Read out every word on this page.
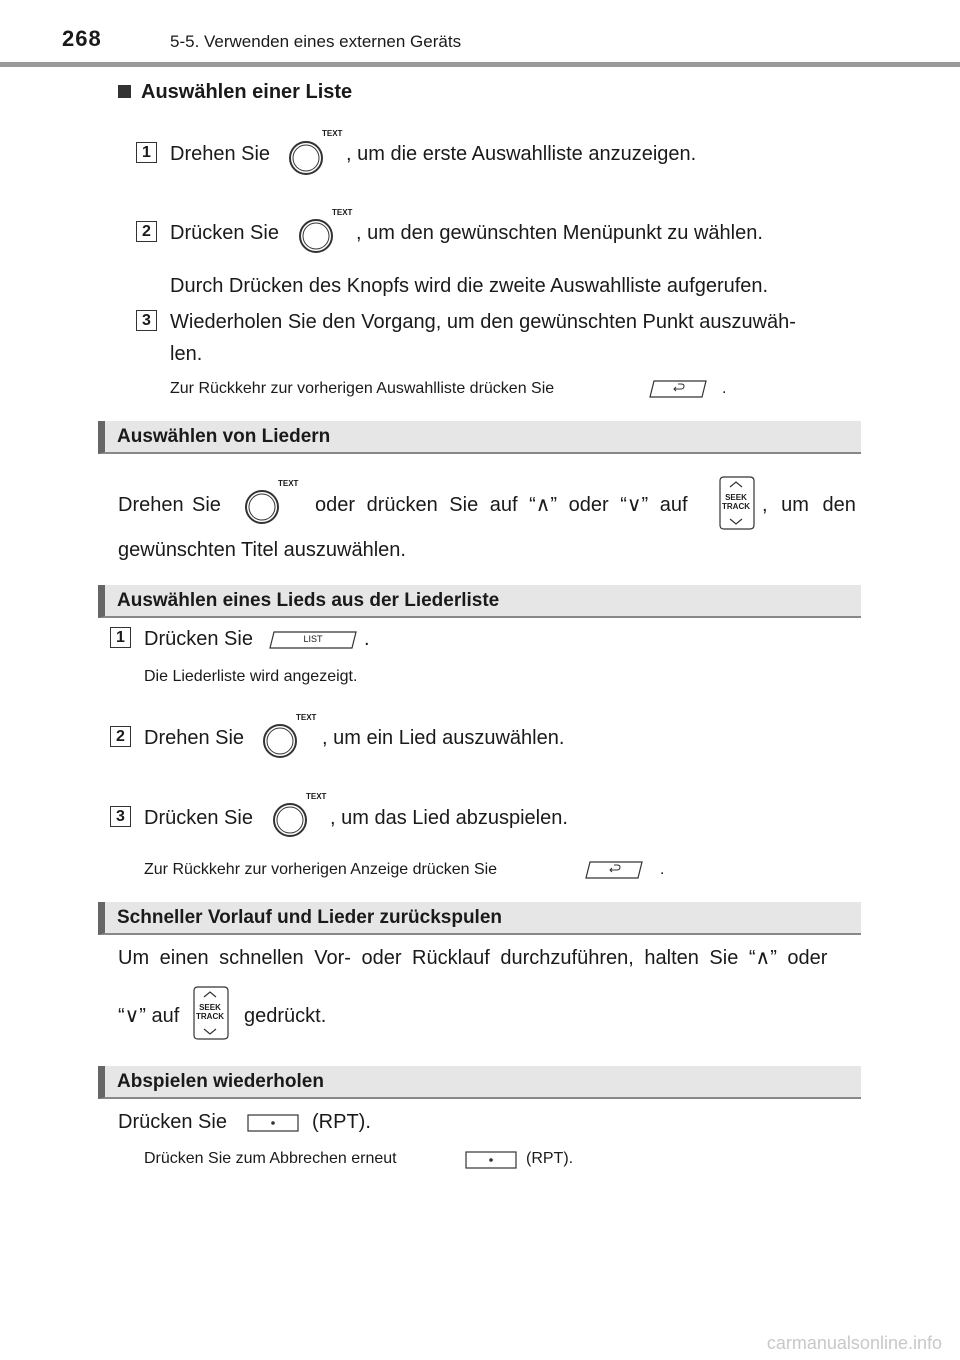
268	5-5. Verwenden eines externen Geräts
Auswählen einer Liste
1 Drehen Sie
TEXT
, um die erste Auswahlliste anzuzeigen.
2 Drücken Sie
TEXT
, um den gewünschten Menüpunkt zu wählen.
Durch Drücken des Knopfs wird die zweite Auswahlliste aufgerufen.
3 Wiederholen Sie den Vorgang, um den gewünschten Punkt auszuwäh-
len.
Zur Rückkehr zur vorherigen Auswahlliste drücken Sie	.
Auswählen von Liedern
Drehen Sie
TEXT
oder drücken Sie auf “∧” oder “∨” auf	SEEK
TRACK , um den
gewünschten Titel auszuwählen.
Auswählen eines Lieds aus der Liederliste
1 Drücken Sie	LIST	.
Die Liederliste wird angezeigt.
2 Drehen Sie
TEXT
, um ein Lied auszuwählen.
3 Drücken Sie
TEXT
, um das Lied abzuspielen.
Zur Rückkehr zur vorherigen Anzeige drücken Sie	.
Schneller Vorlauf und Lieder zurückspulen
Um einen schnellen Vor- oder Rücklauf durchzuführen, halten Sie “∧” oder
“∨” auf	SEEK
TRACK	gedrückt.
Abspielen wiederholen
Drücken Sie	(RPT).
Drücken Sie zum Abbrechen erneut	(RPT).
carmanualsonline.info
